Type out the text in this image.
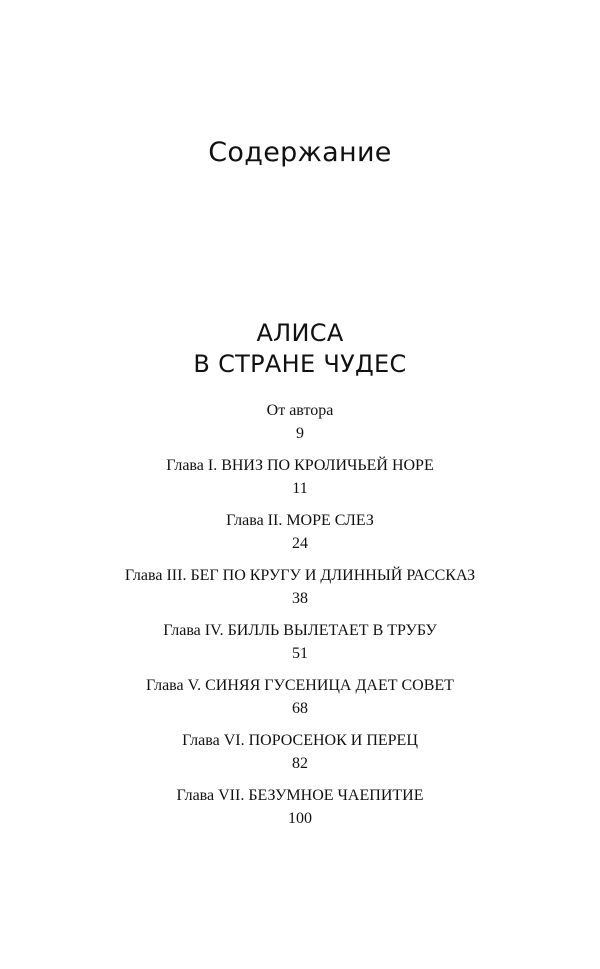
Содержание
АЛИСА
В СТРАНЕ ЧУДЕС
От автора
9
Глава I. ВНИЗ ПО КРОЛИЧЬЕЙ НОРЕ
11
Глава II. МОРЕ СЛЕЗ
24
Глава III. БЕГ ПО КРУГУ И ДЛИННЫЙ РАССКАЗ
38
Глава IV. БИЛЛЬ ВЫЛЕТАЕТ В ТРУБУ
51
Глава V. СИНЯЯ ГУСЕНИЦА ДАЕТ СОВЕТ
68
Глава VI. ПОРОСЕНОК И ПЕРЕЦ
82
Глава VII. БЕЗУМНОЕ ЧАЕПИТИЕ
100
